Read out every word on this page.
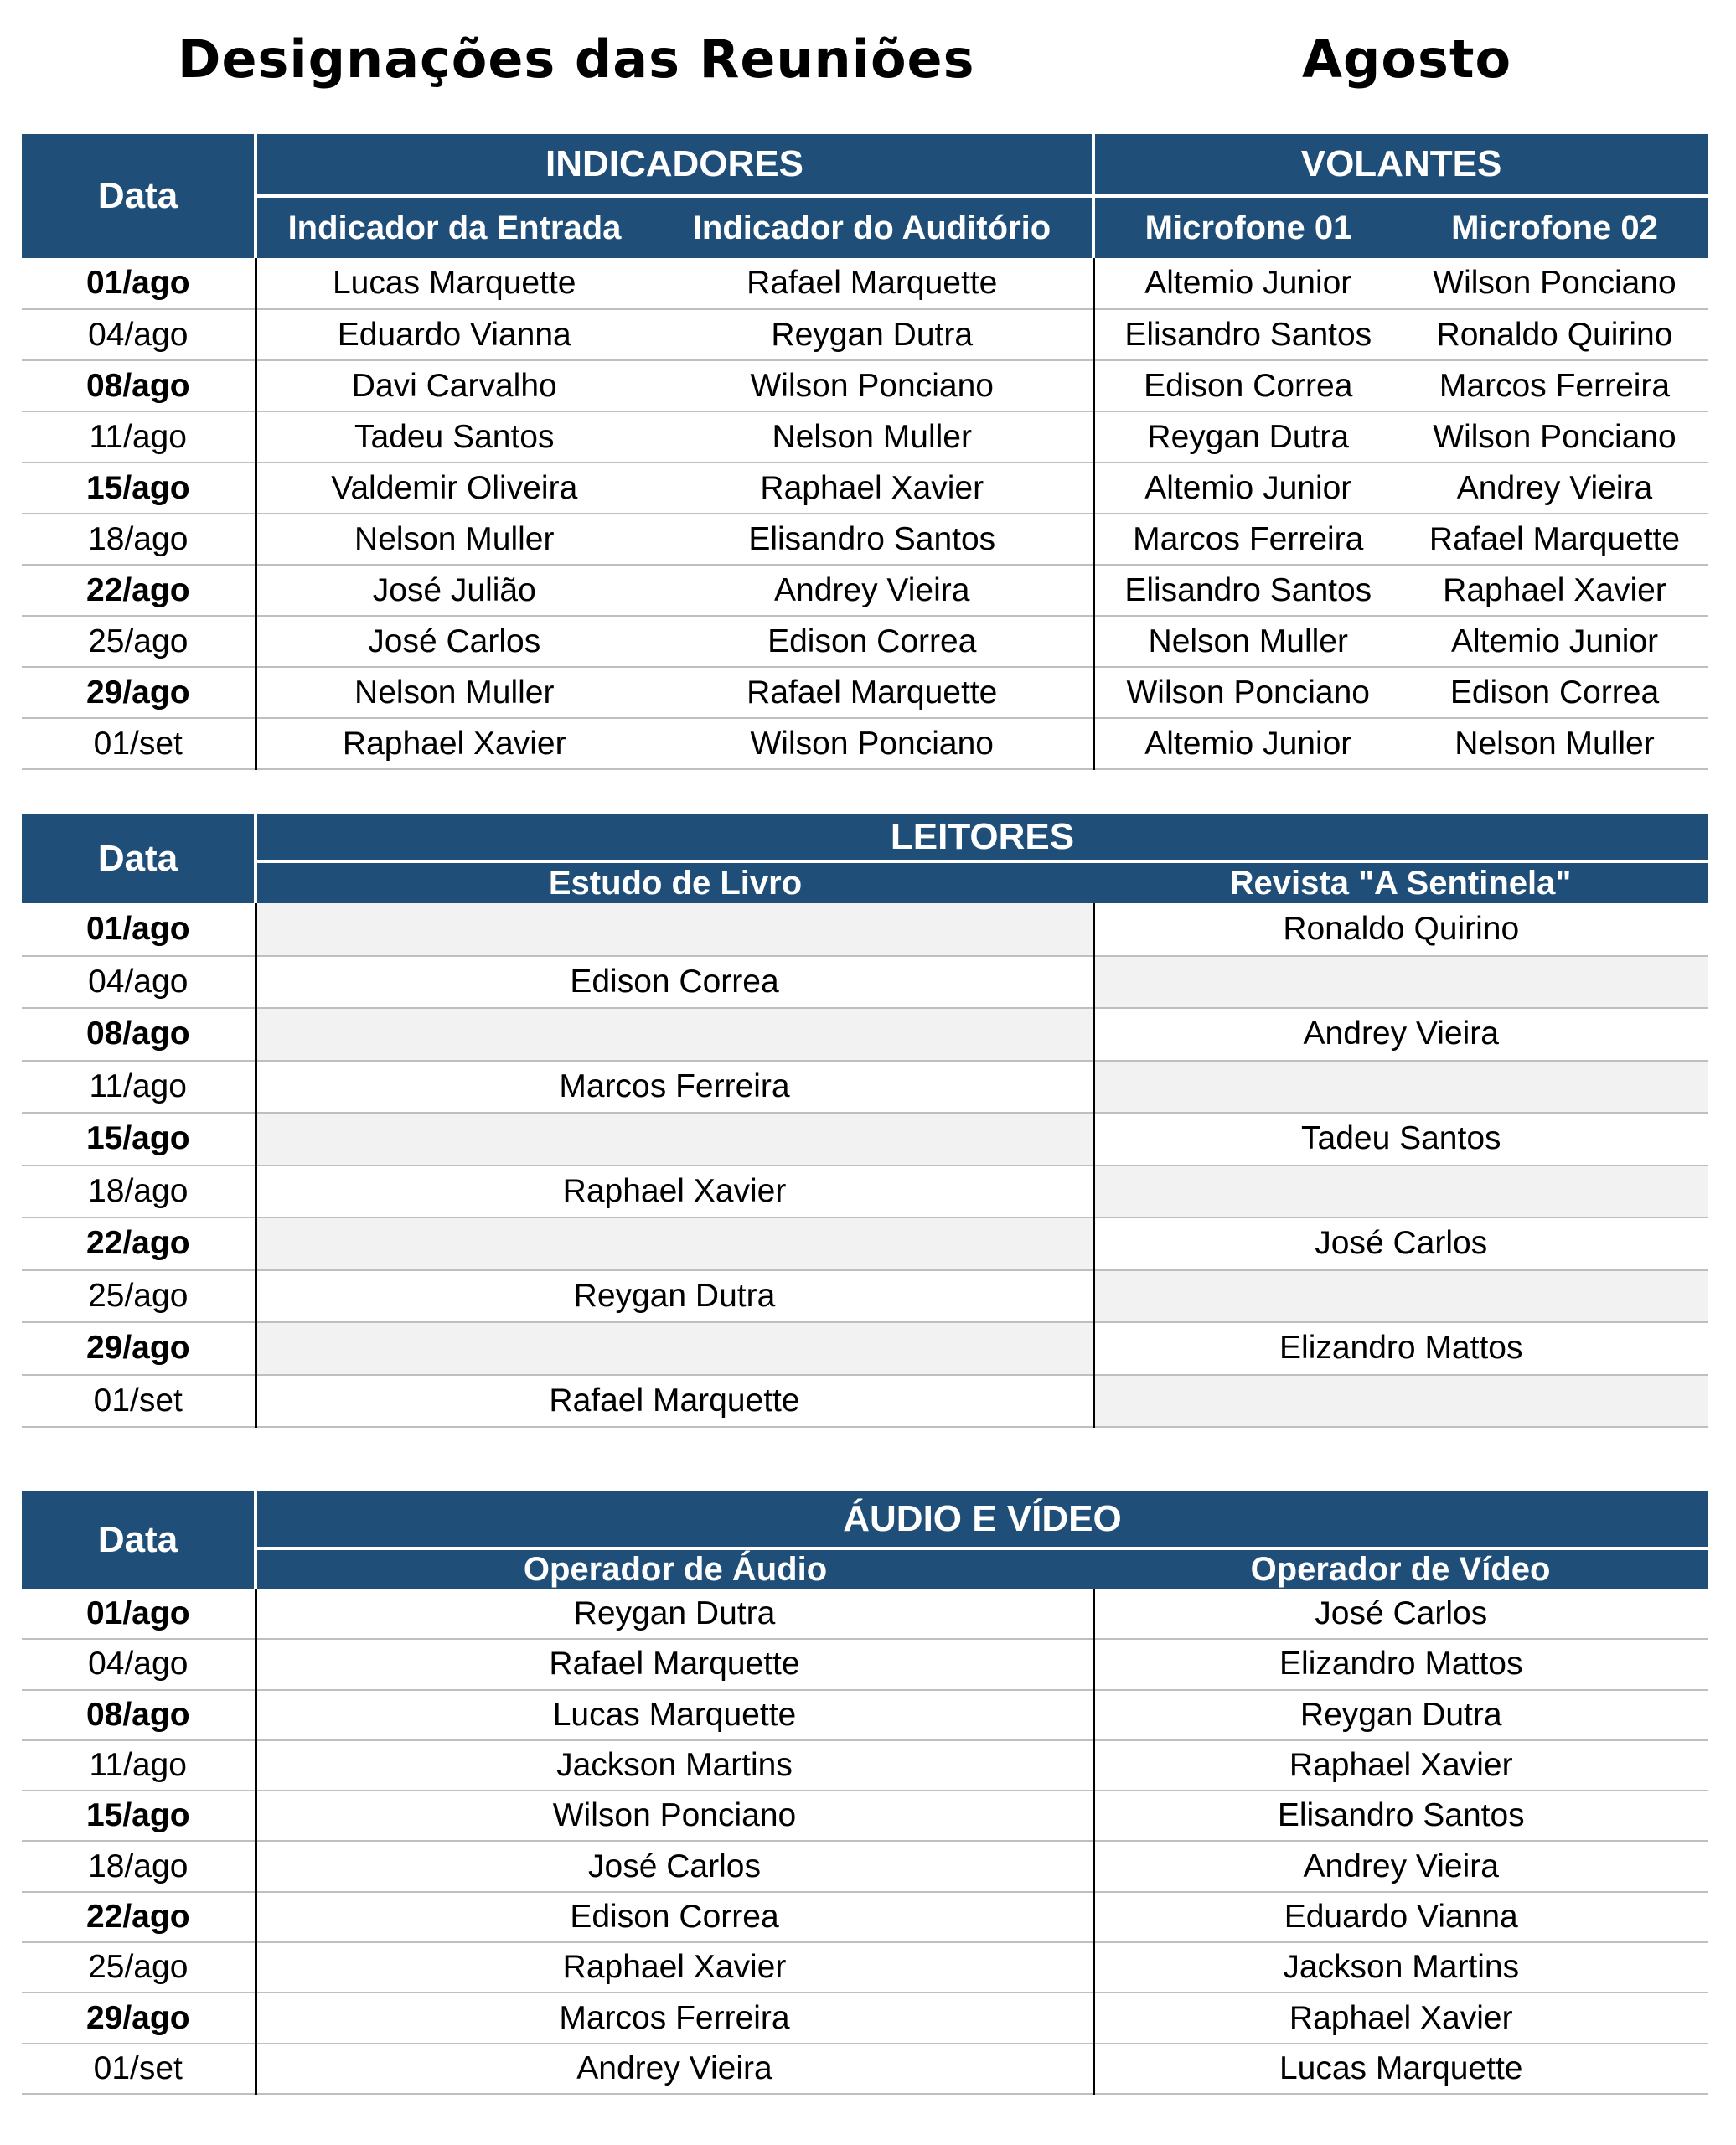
Designações das Reuniões	Agosto
Data	INDICADORES		VOLANTES	
	Indicador da Entrada	Indicador do Auditório	Microfone 01	Microfone 02
01/ago	Lucas Marquette	Rafael Marquette	Altemio Junior	Wilson Ponciano
04/ago	Eduardo Vianna	Reygan Dutra	Elisandro Santos	Ronaldo Quirino
08/ago	Davi Carvalho	Wilson Ponciano	Edison Correa	Marcos Ferreira
11/ago	Tadeu Santos	Nelson Muller	Reygan Dutra	Wilson Ponciano
15/ago	Valdemir Oliveira	Raphael Xavier	Altemio Junior	Andrey Vieira
18/ago	Nelson Muller	Elisandro Santos	Marcos Ferreira	Rafael Marquette
22/ago	José Julião	Andrey Vieira	Elisandro Santos	Raphael Xavier
25/ago	José Carlos	Edison Correa	Nelson Muller	Altemio Junior
29/ago	Nelson Muller	Rafael Marquette	Wilson Ponciano	Edison Correa
01/set	Raphael Xavier	Wilson Ponciano	Altemio Junior	Nelson Muller
Data	LEITORES	
	Estudo de Livro	Revista "A Sentinela"
01/ago		Ronaldo Quirino
04/ago	Edison Correa	
08/ago		Andrey Vieira
11/ago	Marcos Ferreira	
15/ago		Tadeu Santos
18/ago	Raphael Xavier	
22/ago		José Carlos
25/ago	Reygan Dutra	
29/ago		Elizandro Mattos
01/set	Rafael Marquette	
Data	ÁUDIO E VÍDEO	
	Operador de Áudio	Operador de Vídeo
01/ago	Reygan Dutra	José Carlos
04/ago	Rafael Marquette	Elizandro Mattos
08/ago	Lucas Marquette	Reygan Dutra
11/ago	Jackson Martins	Raphael Xavier
15/ago	Wilson Ponciano	Elisandro Santos
18/ago	José Carlos	Andrey Vieira
22/ago	Edison Correa	Eduardo Vianna
25/ago	Raphael Xavier	Jackson Martins
29/ago	Marcos Ferreira	Raphael Xavier
01/set	Andrey Vieira	Lucas Marquette
